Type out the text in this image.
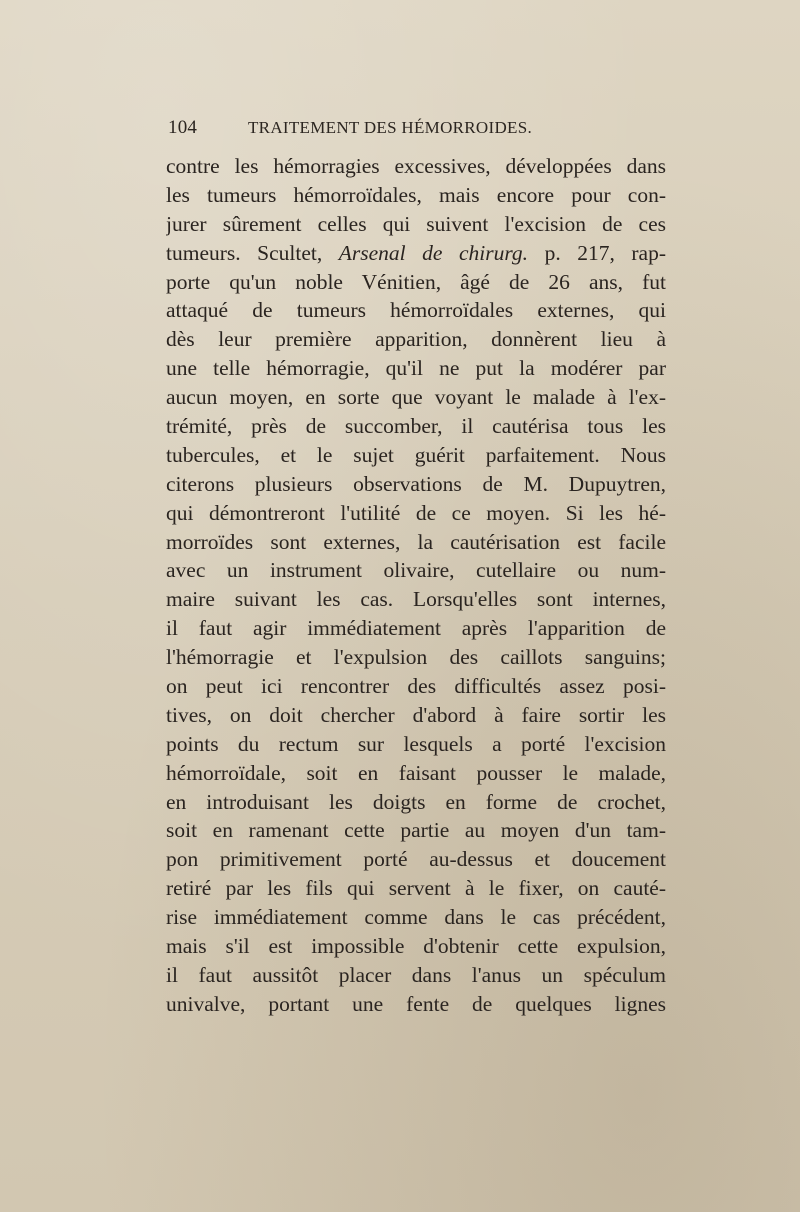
104	TRAITEMENT DES HÉMORROIDES.
contre les hémorragies excessives, développées dans
les tumeurs hémorroïdales, mais encore pour con-
jurer sûrement celles qui suivent l'excision de ces
tumeurs. Scultet, Arsenal de chirurg. p. 217, rap-
porte qu'un noble Vénitien, âgé de 26 ans, fut
attaqué de tumeurs hémorroïdales externes, qui
dès leur première apparition, donnèrent lieu à
une telle hémorragie, qu'il ne put la modérer par
aucun moyen, en sorte que voyant le malade à l'ex-
trémité, près de succomber, il cautérisa tous les
tubercules, et le sujet guérit parfaitement. Nous
citerons plusieurs observations de M. Dupuytren,
qui démontreront l'utilité de ce moyen. Si les hé-
morroïdes sont externes, la cautérisation est facile
avec un instrument olivaire, cutellaire ou num-
maire suivant les cas. Lorsqu'elles sont internes,
il faut agir immédiatement après l'apparition de
l'hémorragie et l'expulsion des caillots sanguins;
on peut ici rencontrer des difficultés assez posi-
tives, on doit chercher d'abord à faire sortir les
points du rectum sur lesquels a porté l'excision
hémorroïdale, soit en faisant pousser le malade,
en introduisant les doigts en forme de crochet,
soit en ramenant cette partie au moyen d'un tam-
pon primitivement porté au-dessus et doucement
retiré par les fils qui servent à le fixer, on cauté-
rise immédiatement comme dans le cas précédent,
mais s'il est impossible d'obtenir cette expulsion,
il faut aussitôt placer dans l'anus un spéculum
univalve, portant une fente de quelques lignes
